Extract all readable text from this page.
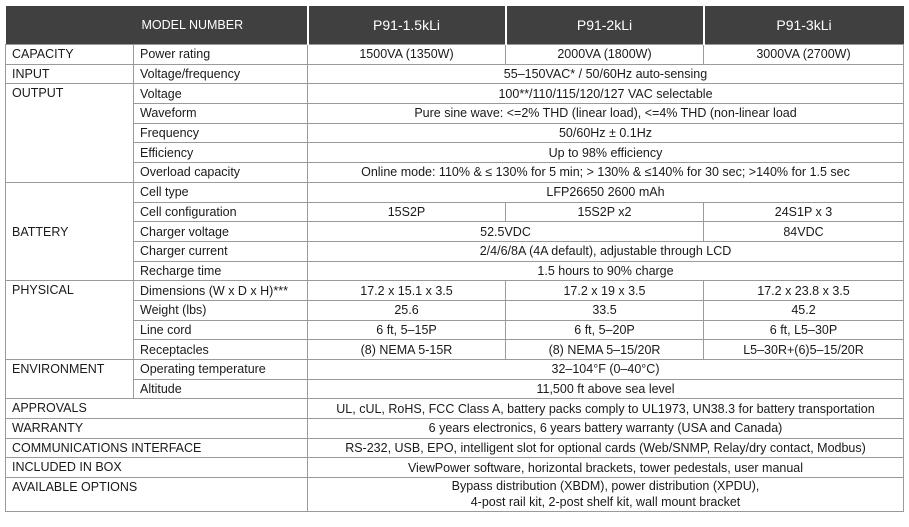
	MODEL NUMBER	P91-1.5kLi	P91-2kLi	P91-3kLi
CAPACITY	Power rating	1500VA (1350W)	2000VA (1800W)	3000VA (2700W)
INPUT	Voltage/frequency	55–150VAC* / 50/60Hz auto-sensing		
OUTPUT	Voltage	100**/110/115/120/127 VAC selectable		
	Waveform	Pure sine wave: <=2% THD (linear load), <=4% THD (non-linear load		
	Frequency	50/60Hz ± 0.1Hz		
	Efficiency	Up to 98% efficiency		
	Overload capacity	Online mode: 110% & ≤ 130% for 5 min; > 130% & ≤140% for 30 sec; >140% for 1.5 sec		
BATTERY	Cell type	LFP26650 2600 mAh		
	Cell configuration	15S2P	15S2P x2	24S1P x 3
	Charger voltage	52.5VDC		84VDC
	Charger current	2/4/6/8A (4A default), adjustable through LCD		
	Recharge time	1.5 hours to 90% charge		
PHYSICAL	Dimensions (W x D x H)***	17.2 x 15.1 x 3.5	17.2 x 19 x 3.5	17.2 x 23.8 x 3.5
	Weight (lbs)	25.6	33.5	45.2
	Line cord	6 ft, 5–15P	6 ft, 5–20P	6 ft, L5–30P
	Receptacles	(8) NEMA 5-15R	(8) NEMA 5–15/20R	L5–30R+(6)5–15/20R
ENVIRONMENT	Operating temperature	32–104°F (0–40°C)		
	Altitude	11,500 ft above sea level		
APPROVALS		UL, cUL, RoHS, FCC Class A, battery packs comply to UL1973, UN38.3 for battery transportation		
WARRANTY		6 years electronics, 6 years battery warranty (USA and Canada)		
COMMUNICATIONS INTERFACE		RS-232, USB, EPO, intelligent slot for optional cards (Web/SNMP, Relay/dry contact, Modbus)		
INCLUDED IN BOX		ViewPower software, horizontal brackets, tower pedestals, user manual		
AVAILABLE OPTIONS		Bypass distribution (XBDM), power distribution (XPDU),
4-post rail kit, 2-post shelf kit, wall mount bracket		
